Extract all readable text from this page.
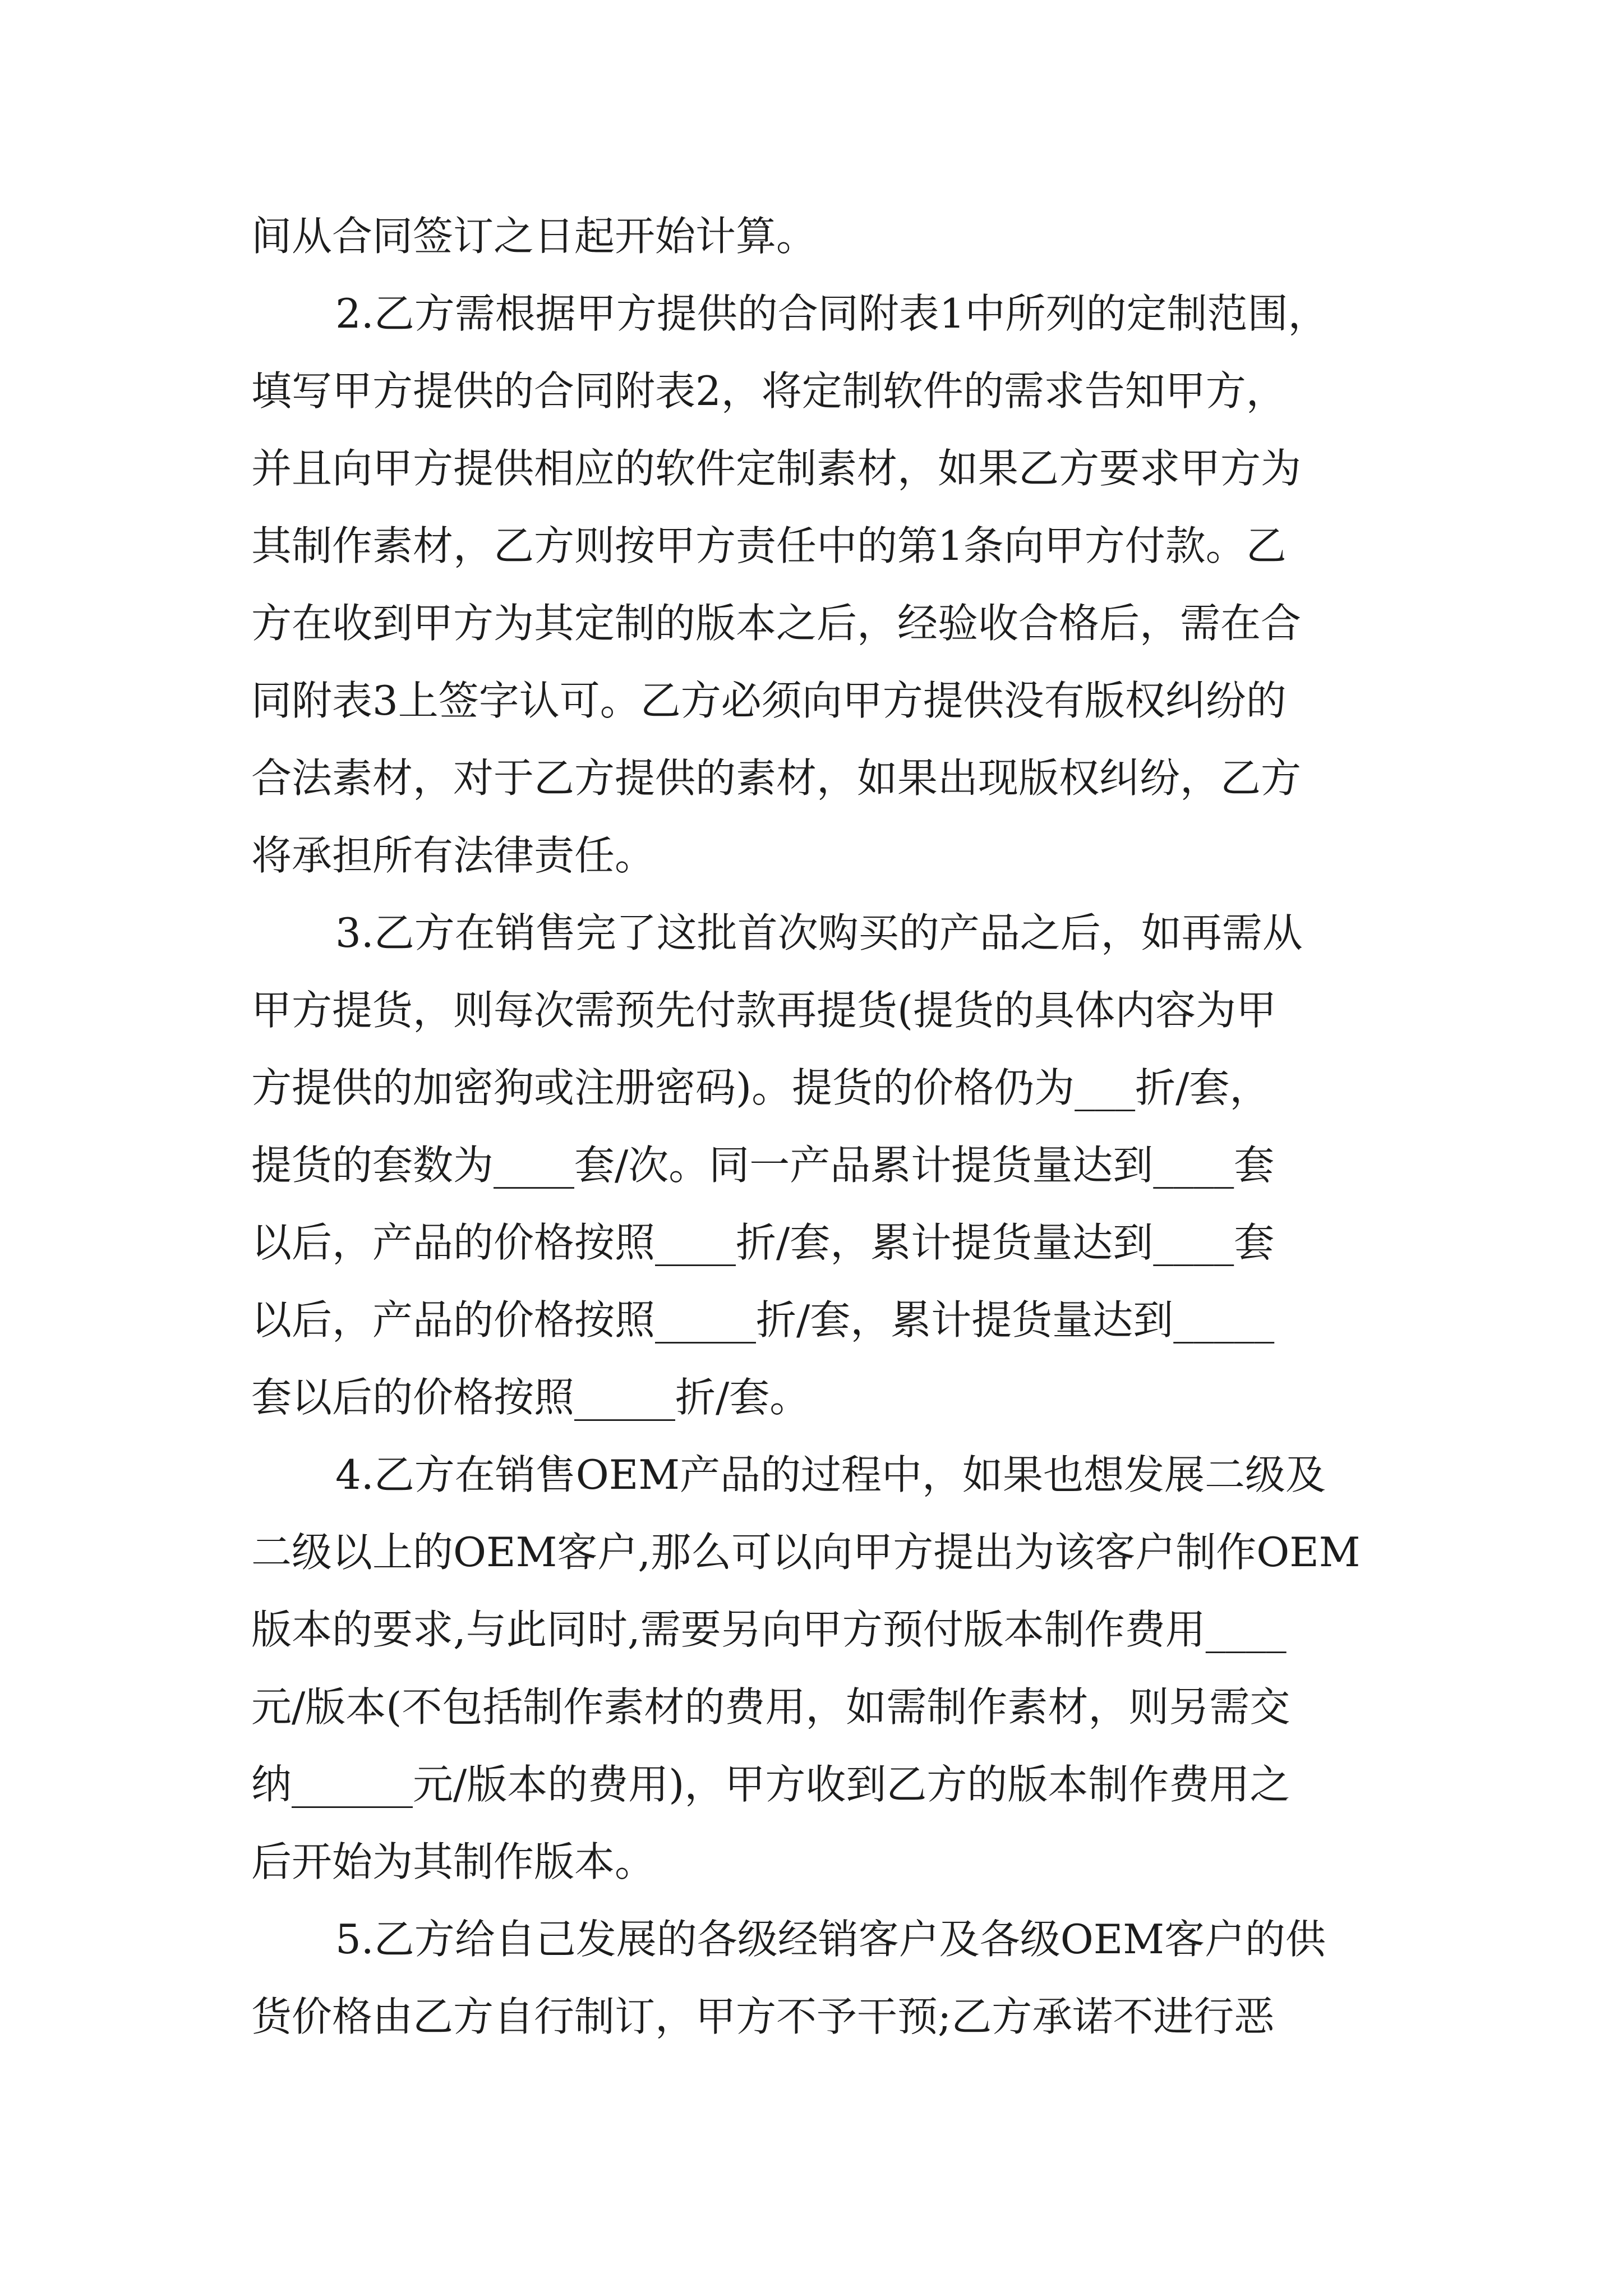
间从合同签订之日起开始计算。
2.乙方需根据甲方提供的合同附表1中所列的定制范围，
填写甲方提供的合同附表2，将定制软件的需求告知甲方，
并且向甲方提供相应的软件定制素材，如果乙方要求甲方为
其制作素材，乙方则按甲方责任中的第1条向甲方付款。乙
方在收到甲方为其定制的版本之后，经验收合格后，需在合
同附表3上签字认可。乙方必须向甲方提供没有版权纠纷的
合法素材，对于乙方提供的素材，如果出现版权纠纷，乙方
将承担所有法律责任。
3.乙方在销售完了这批首次购买的产品之后，如再需从
甲方提货，则每次需预先付款再提货(提货的具体内容为甲
方提供的加密狗或注册密码)。提货的价格仍为___折/套，
提货的套数为____套/次。同一产品累计提货量达到____套
以后，产品的价格按照____折/套，累计提货量达到____套
以后，产品的价格按照_____折/套，累计提货量达到_____
套以后的价格按照_____折/套。
4.乙方在销售OEM产品的过程中，如果也想发展二级及
二级以上的OEM客户,那么可以向甲方提出为该客户制作OEM
版本的要求,与此同时,需要另向甲方预付版本制作费用____
元/版本(不包括制作素材的费用，如需制作素材，则另需交
纳______元/版本的费用)，甲方收到乙方的版本制作费用之
后开始为其制作版本。
5.乙方给自己发展的各级经销客户及各级OEM客户的供
货价格由乙方自行制订，甲方不予干预;乙方承诺不进行恶
